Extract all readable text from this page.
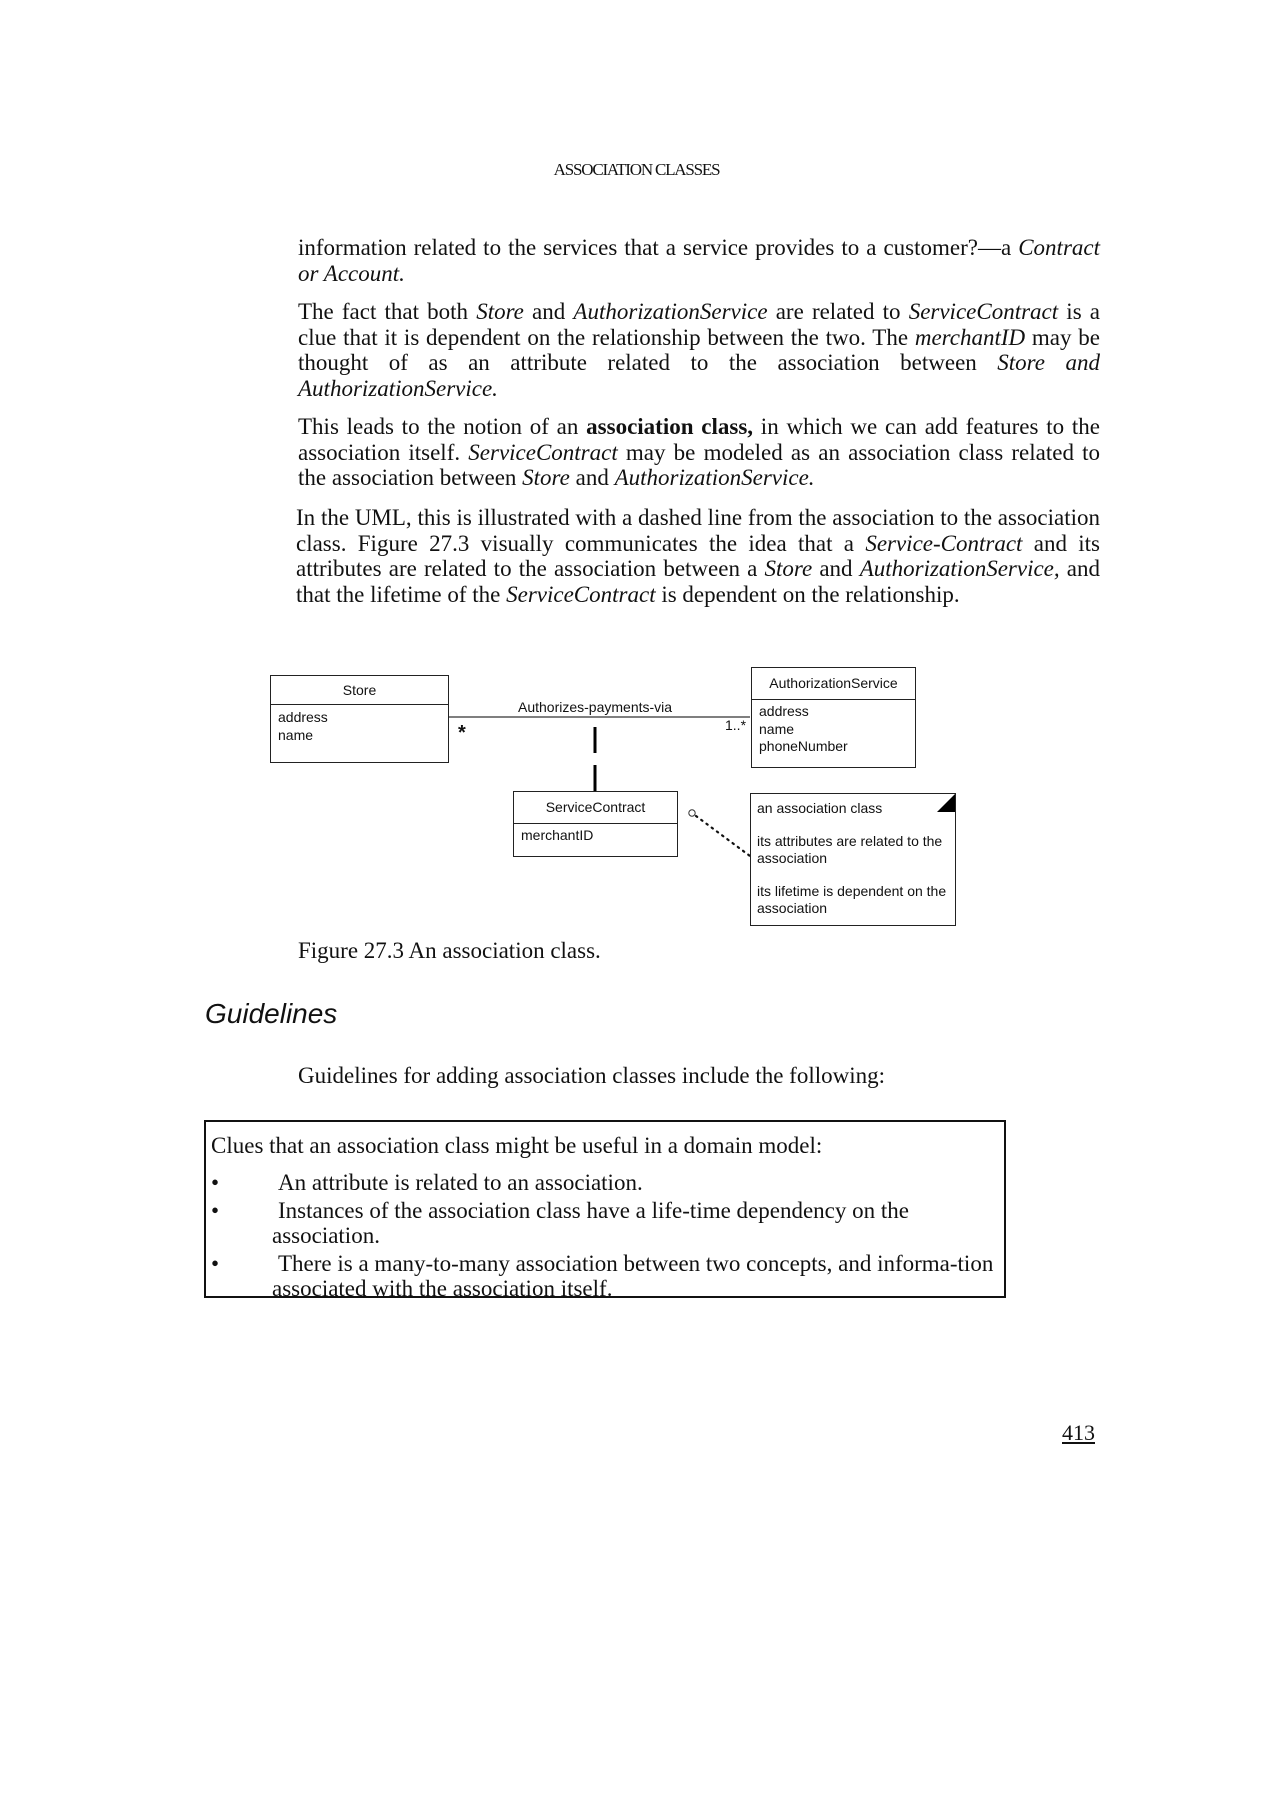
ASSOCIATION CLASSES

information related to the services that a service provides to a customer?—a Contract or Account.

The fact that both Store and AuthorizationService are related to ServiceContract is a clue that it is dependent on the relationship between the two. The merchantID may be thought of as an attribute related to the association between Store and AuthorizationService.

This leads to the notion of an association class, in which we can add features to the association itself. ServiceContract may be modeled as an association class related to the association between Store and AuthorizationService.

In the UML, this is illustrated with a dashed line from the association to the association class. Figure 27.3 visually communicates the idea that a Service-Contract and its attributes are related to the association between a Store and AuthorizationService, and that the lifetime of the ServiceContract is dependent on the relationship.

Store
address
name
AuthorizationService
address
name
phoneNumber
ServiceContract
merchantID

an association class

its attributes are related to the association

its lifetime is dependent on the association

Authorizes-payments-via
*	1..*
Figure 27.3 An association class.
Guidelines
Guidelines for adding association classes include the following:
Clues that an association class might be useful in a domain model:
•	An attribute is related to an association.
•	Instances of the association class have a life-time dependency on the association.
•	There is a many-to-many association between two concepts, and informa-tion associated with the association itself.
413
